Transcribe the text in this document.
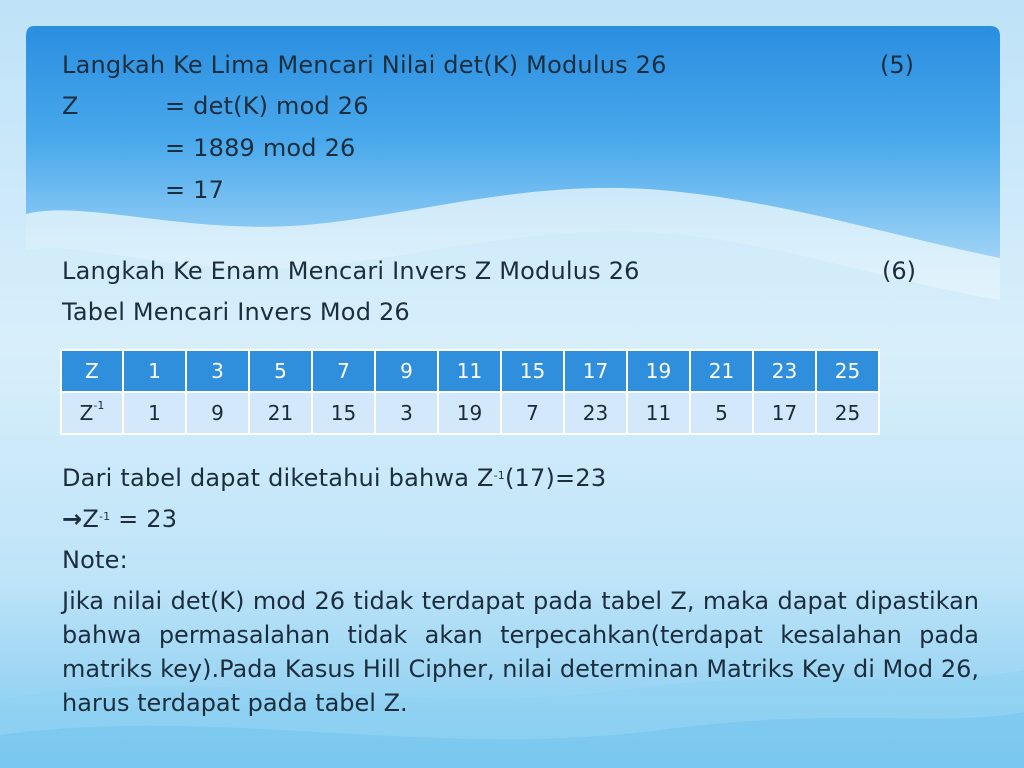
Langkah Ke Lima Mencari Nilai det(K) Modulus 26	(5)
Z	= det(K) mod 26
= 1889 mod 26
= 17
Langkah Ke Enam Mencari Invers Z Modulus 26	(6)
Tabel Mencari Invers Mod 26
Z	1	3	5	7	9	11	15	17	19	21	23	25
$Z^{-1}$	1	9	21	15	3	19	7	23	11	5	17	25
Dari tabel dapat diketahui bahwa $Z^{-1}(17)=23$
$\to Z^{-1} = 23$
Note:
Jika nilai det(K) mod 26 tidak terdapat pada tabel Z, maka dapat dipastikan bahwa permasalahan tidak akan terpecahkan(terdapat kesalahan pada matriks key).Pada Kasus Hill Cipher, nilai determinan Matriks Key di Mod 26, harus terdapat pada tabel Z.
